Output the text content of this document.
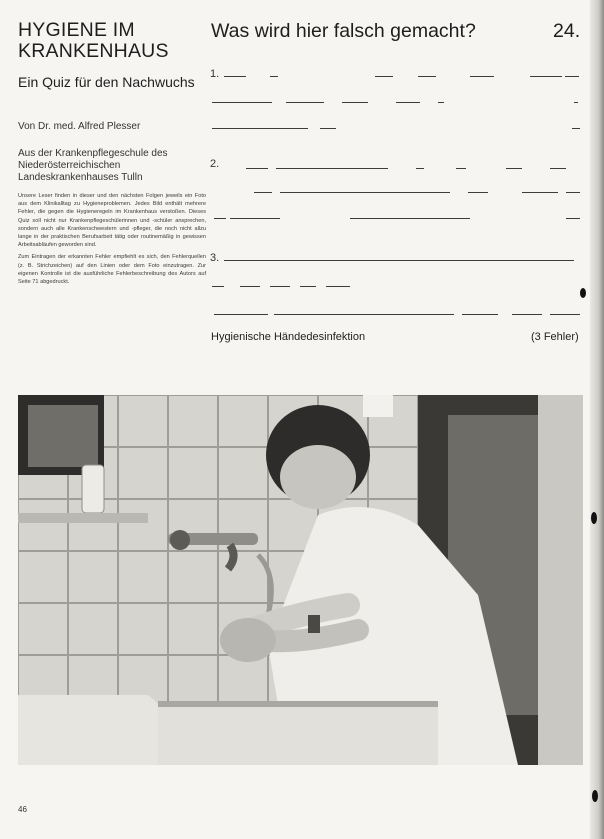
HYGIENE IM KRANKENHAUS
Ein Quiz für den Nachwuchs
Von Dr. med. Alfred Plesser
Aus der Krankenpflegeschule des Niederösterreichischen Landeskrankenhauses Tulln

Unsere Leser finden in dieser und den nächsten Folgen jeweils ein Foto aus dem Klinikalltag zu Hygieneproblemen. Jedes Bild enthält mehrere Fehler, die gegen die Hygieneregeln im Krankenhaus verstoßen. Dieses Quiz soll nicht nur Krankenpflegeschülerinnen und -schüler ansprechen, sondern auch alle Krankenschwestern und -pfleger, die noch nicht allzu lange in der praktischen Berufsarbeit tätig oder routinemäßig in gewissen Arbeitsabläufen geworden sind.

Zum Eintragen der erkannten Fehler empfiehlt es sich, den Fehlerquellen (z. B. Strichzeichen) auf den Linien oder dem Foto einzutragen. Zur eigenen Kontrolle ist die ausführliche Fehlerbeschreibung des Autors auf Seite 71 abgedruckt.

Was wird hier falsch gemacht?	24.
1.
2.
3.
Hygienische Händedesinfektion	(3 Fehler)
46
